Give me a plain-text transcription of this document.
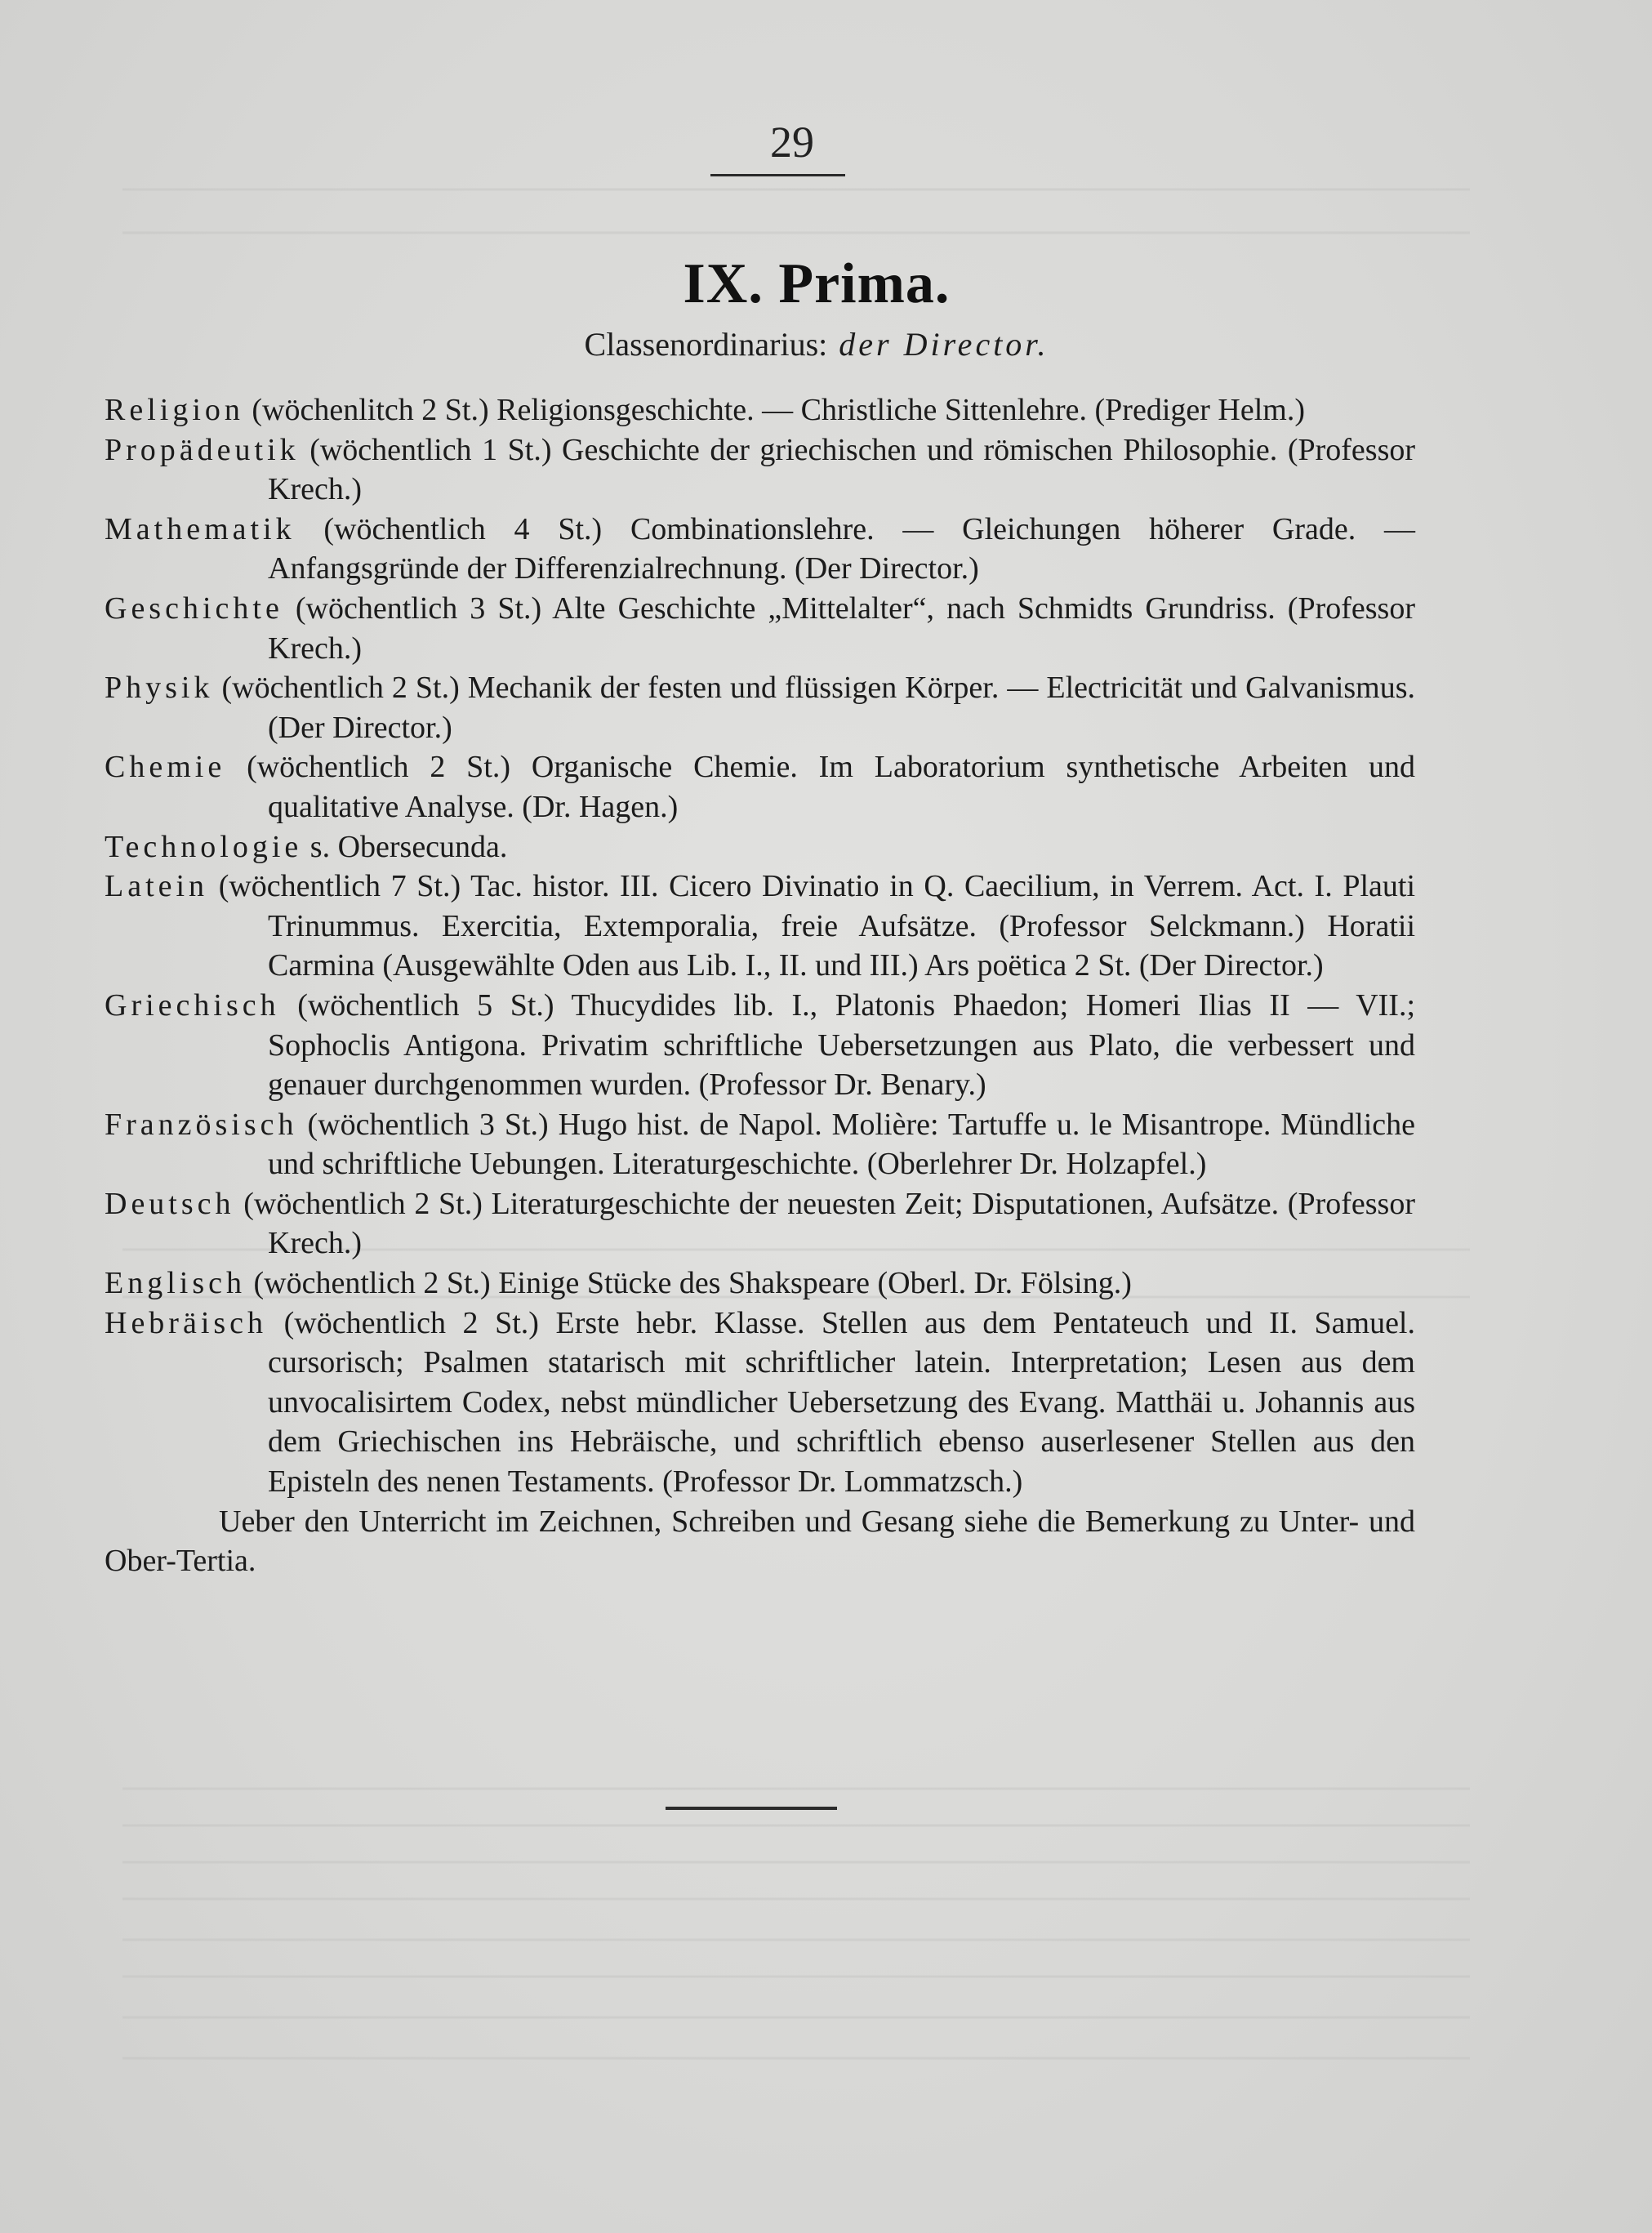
29
IX. Prima.
Classenordinarius: der Director.
Religion (wöchenlitch 2 St.) Religionsgeschichte. — Christliche Sittenlehre. (Prediger Helm.)
Propädeutik (wöchentlich 1 St.) Geschichte der griechischen und römischen Philosophie. (Professor Krech.)
Mathematik (wöchentlich 4 St.) Combinationslehre. — Gleichungen höherer Grade. — Anfangsgründe der Differenzialrechnung. (Der Director.)
Geschichte (wöchentlich 3 St.) Alte Geschichte „Mittelalter“, nach Schmidts Grundriss. (Professor Krech.)
Physik (wöchentlich 2 St.) Mechanik der festen und flüssigen Körper. — Electricität und Galvanismus. (Der Director.)
Chemie (wöchentlich 2 St.) Organische Chemie. Im Laboratorium synthetische Arbeiten und qualitative Analyse. (Dr. Hagen.)
Technologie s. Obersecunda.
Latein (wöchentlich 7 St.) Tac. histor. III. Cicero Divinatio in Q. Caecilium, in Verrem. Act. I. Plauti Trinummus. Exercitia, Extemporalia, freie Aufsätze. (Professor Selckmann.) Horatii Carmina (Ausgewählte Oden aus Lib. I., II. und III.) Ars poëtica 2 St. (Der Director.)
Griechisch (wöchentlich 5 St.) Thucydides lib. I., Platonis Phaedon; Homeri Ilias II — VII.; Sophoclis Antigona. Privatim schriftliche Uebersetzungen aus Plato, die verbessert und genauer durchgenommen wurden. (Professor Dr. Benary.)
Französisch (wöchentlich 3 St.) Hugo hist. de Napol. Molière: Tartuffe u. le Misantrope. Mündliche und schriftliche Uebungen. Literaturgeschichte. (Oberlehrer Dr. Holzapfel.)
Deutsch (wöchentlich 2 St.) Literaturgeschichte der neuesten Zeit; Disputationen, Aufsätze. (Professor Krech.)
Englisch (wöchentlich 2 St.) Einige Stücke des Shakspeare (Oberl. Dr. Fölsing.)
Hebräisch (wöchentlich 2 St.) Erste hebr. Klasse. Stellen aus dem Pentateuch und II. Samuel. cursorisch; Psalmen statarisch mit schriftlicher latein. Interpretation; Lesen aus dem unvocalisirtem Codex, nebst mündlicher Uebersetzung des Evang. Matthäi u. Johannis aus dem Griechischen ins Hebräische, und schriftlich ebenso auserlesener Stellen aus den Episteln des nenen Testaments. (Professor Dr. Lommatzsch.)
Ueber den Unterricht im Zeichnen, Schreiben und Gesang siehe die Bemerkung zu Unter- und Ober-Tertia.
